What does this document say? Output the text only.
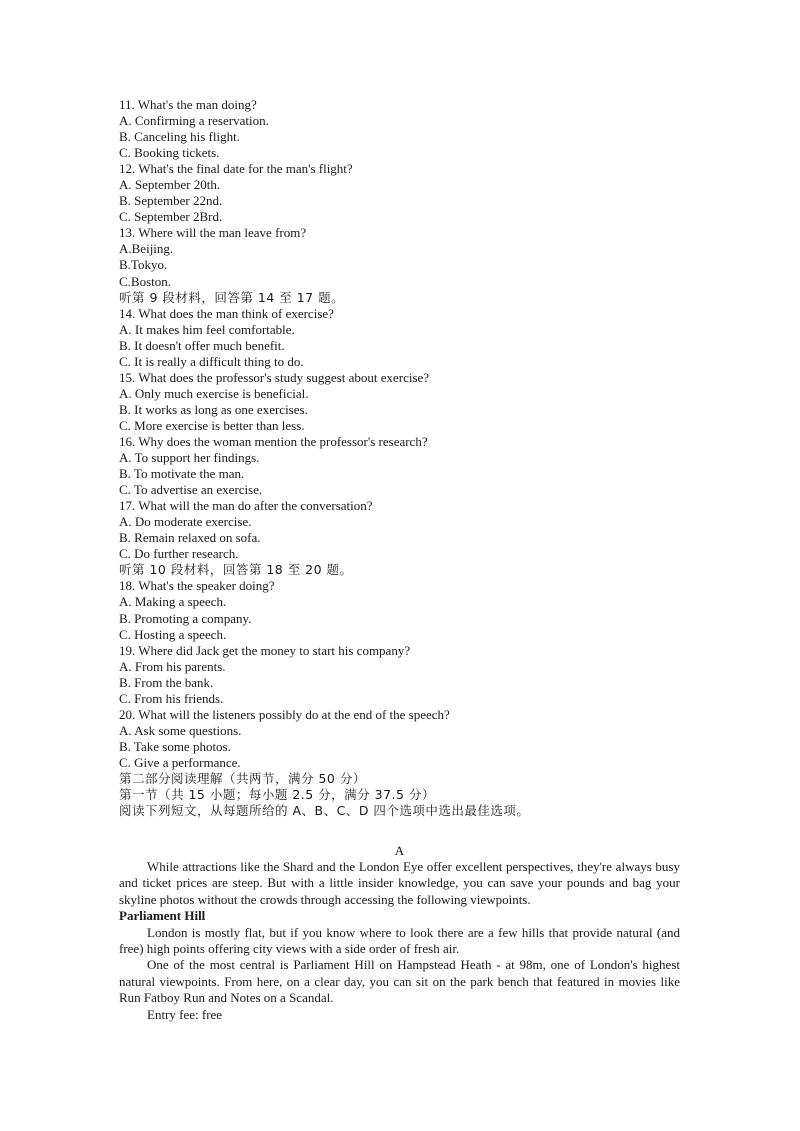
11. What's the man doing?
A. Confirming a reservation.
B. Canceling his flight.
C. Booking tickets.
12. What's the final date for the man's flight?
A. September 20th.
B. September 22nd.
C. September 2Brd.
13. Where will the man leave from?
A.Beijing.
B.Tokyo.
C.Boston.
听第 9 段材料，回答第 14 至 17 题。
14. What does the man think of exercise?
A. It makes him feel comfortable.
B. It doesn't offer much benefit.
C. It is really a difficult thing to do.
15. What does the professor's study suggest about exercise?
A. Only much exercise is beneficial.
B. It works as long as one exercises.
C. More exercise is better than less.
16. Why does the woman mention the professor's research?
A. To support her findings.
B. To motivate the man.
C. To advertise an exercise.
17. What will the man do after the conversation?
A. Do moderate exercise.
B. Remain relaxed on sofa.
C. Do further research.
听第 10 段材料，回答第 18 至 20 题。
18. What's the speaker doing?
A. Making a speech.
B. Promoting a company.
C. Hosting a speech.
19. Where did Jack get the money to start his company?
A. From his parents.
B. From the bank.
C. From his friends.
20. What will the listeners possibly do at the end of the speech?
A. Ask some questions.
B. Take some photos.
C. Give a performance.
第二部分阅读理解（共两节，满分 50 分）
第一节（共 15 小题；每小题 2.5 分，满分 37.5 分）
阅读下列短文，从每题所给的 A、B、C、D 四个选项中选出最佳选项。
A

While attractions like the Shard and the London Eye offer excellent perspectives, they're always busy and ticket prices are steep. But with a little insider knowledge, you can save your pounds and bag your skyline photos without the crowds through accessing the following viewpoints.

Parliament Hill

London is mostly flat, but if you know where to look there are a few hills that provide natural (and free) high points offering city views with a side order of fresh air.

One of the most central is Parliament Hill on Hampstead Heath - at 98m, one of London's highest natural viewpoints. From here, on a clear day, you can sit on the park bench that featured in movies like Run Fatboy Run and Notes on a Scandal.

Entry fee: free
